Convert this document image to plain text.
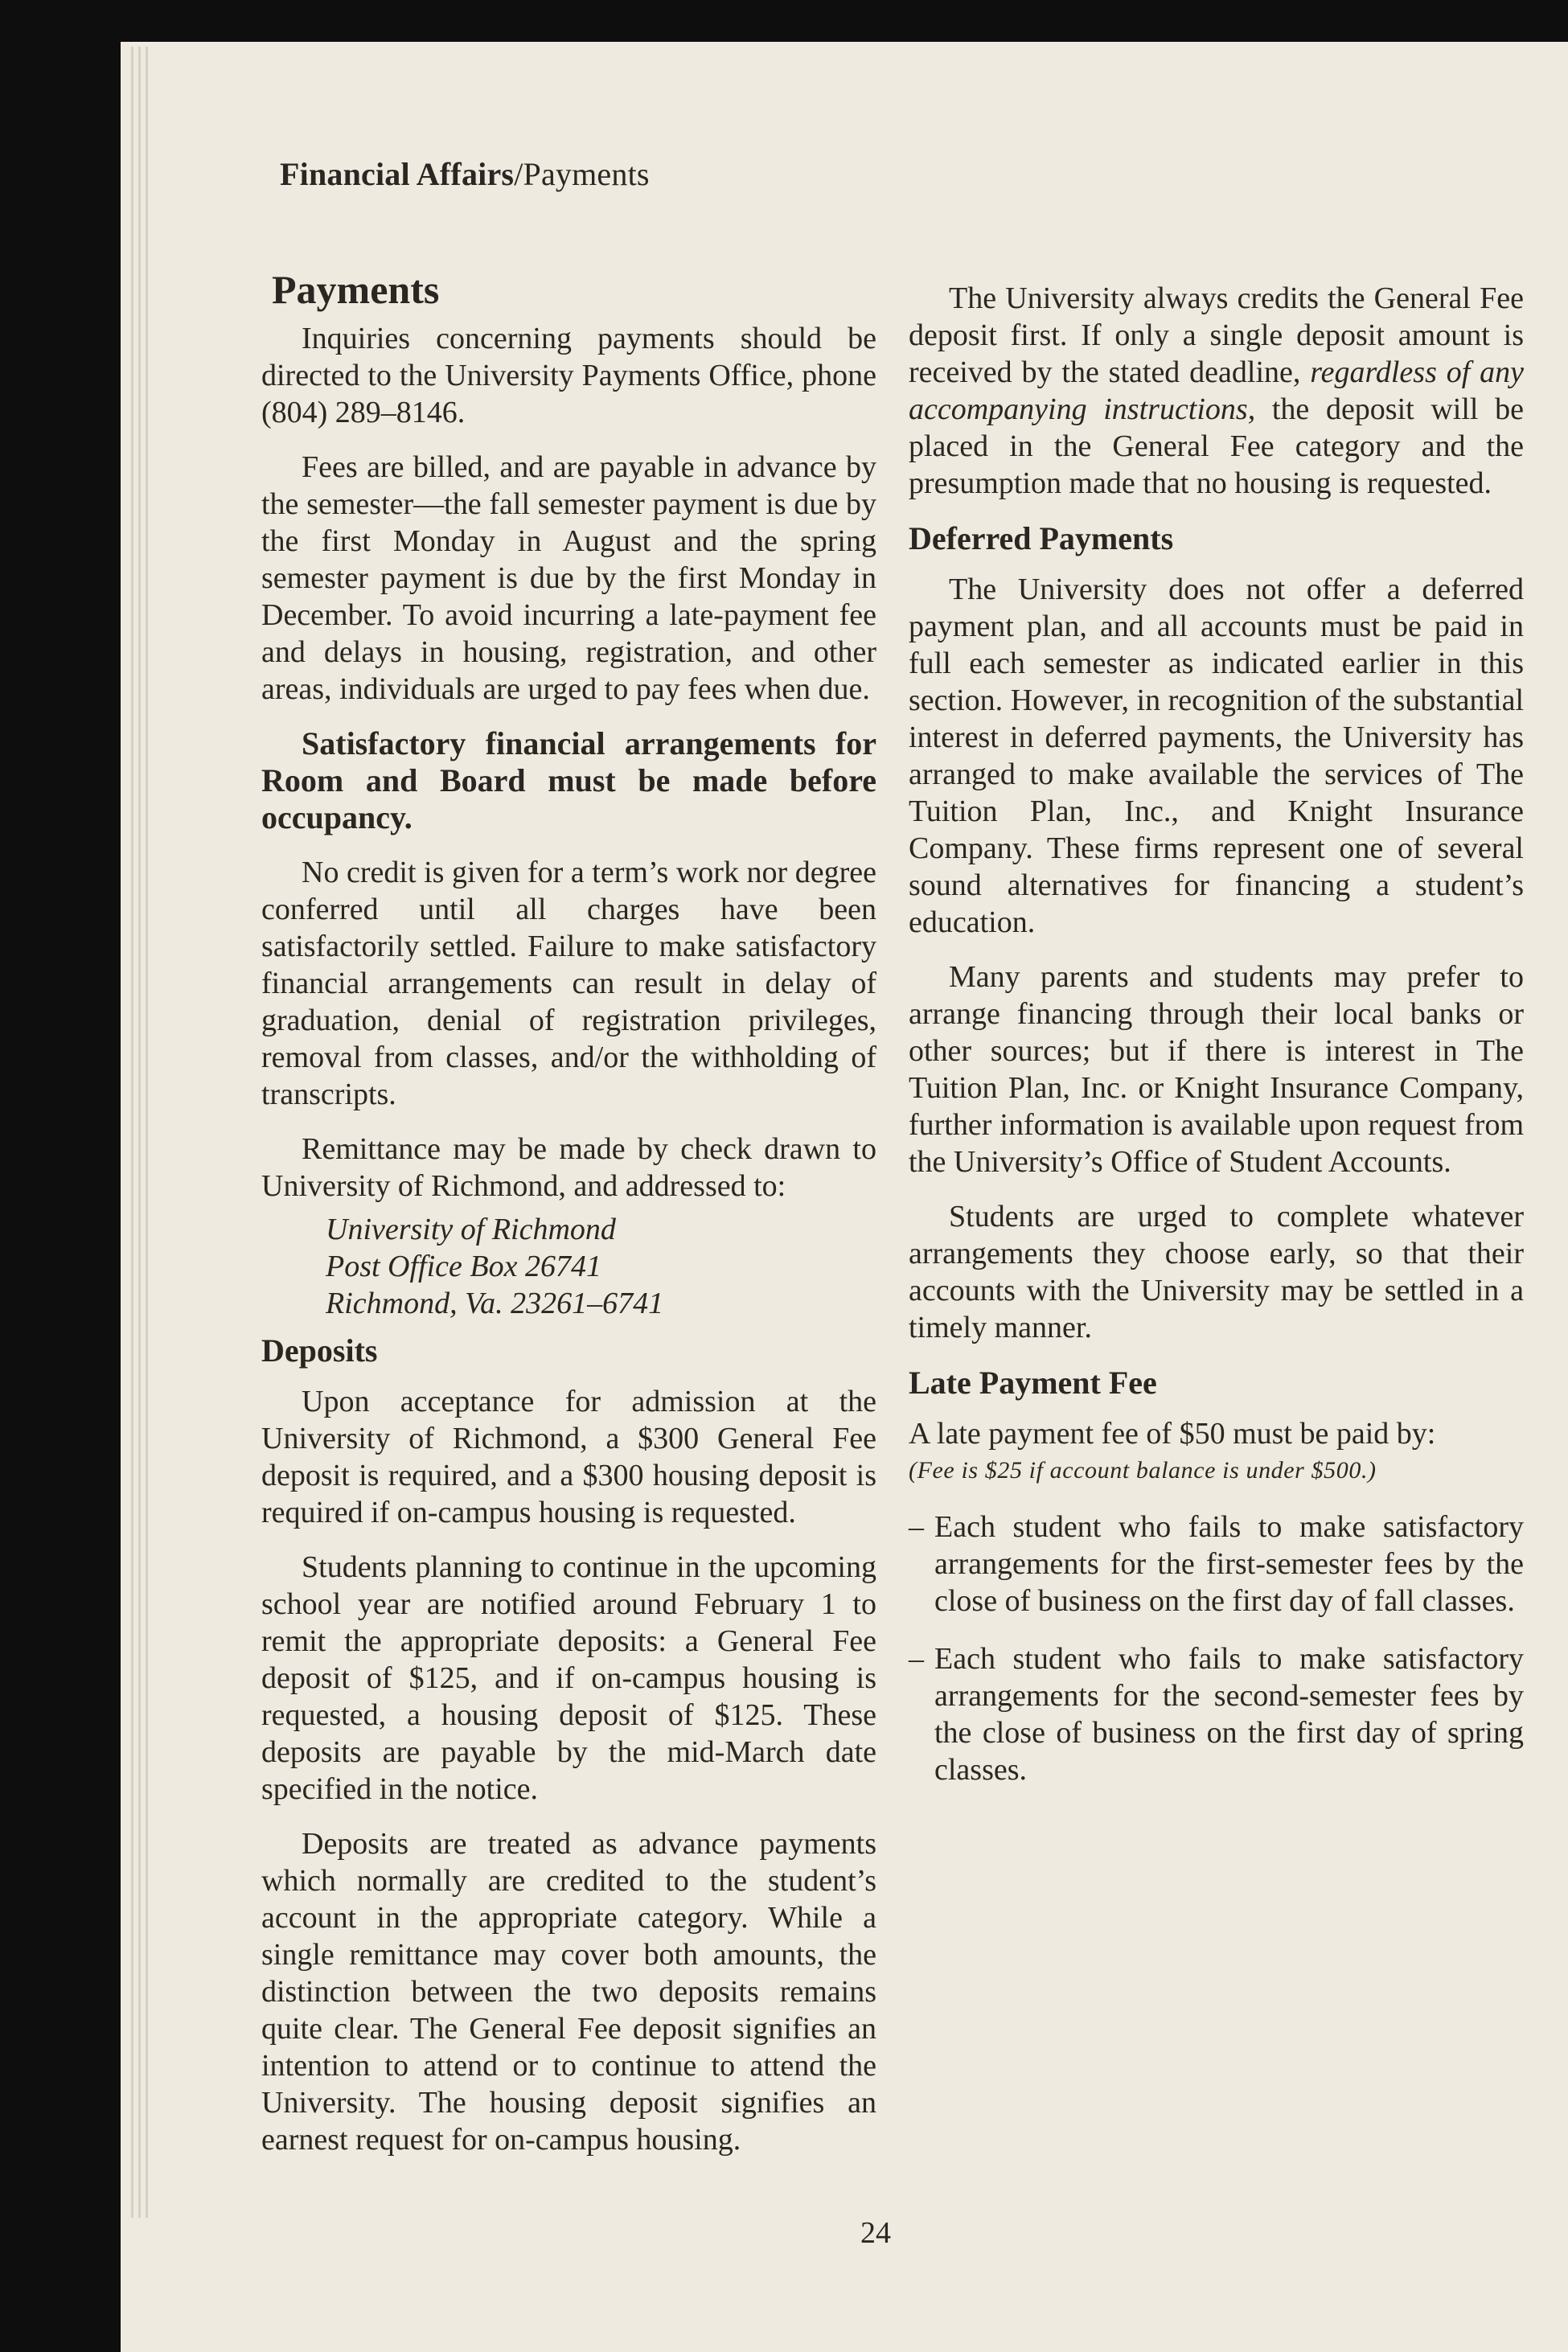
Financial Affairs/Payments
Payments

Inquiries concerning payments should be directed to the University Payments Office, phone (804) 289–8146.

Fees are billed, and are payable in advance by the semester—the fall semester payment is due by the first Monday in August and the spring semester payment is due by the first Monday in December. To avoid incurring a late-payment fee and delays in housing, registration, and other areas, individuals are urged to pay fees when due.

Satisfactory financial arrangements for Room and Board must be made before occupancy.

No credit is given for a term’s work nor degree conferred until all charges have been satisfactorily settled. Failure to make satisfactory financial arrangements can result in delay of graduation, denial of registration privileges, removal from classes, and/or the withholding of transcripts.

Remittance may be made by check drawn to University of Richmond, and addressed to:

University of Richmond
Post Office Box 26741
Richmond, Va. 23261–6741
Deposits

Upon acceptance for admission at the University of Richmond, a $300 General Fee deposit is required, and a $300 housing deposit is required if on-campus housing is requested.

Students planning to continue in the upcoming school year are notified around February 1 to remit the appropriate deposits: a General Fee deposit of $125, and if on-campus housing is requested, a housing deposit of $125. These deposits are payable by the mid-March date specified in the notice.

Deposits are treated as advance payments which normally are credited to the student’s account in the appropriate category. While a single remittance may cover both amounts, the distinction between the two deposits remains quite clear. The General Fee deposit signifies an intention to attend or to continue to attend the University. The housing deposit signifies an earnest request for on-campus housing.

The University always credits the General Fee deposit first. If only a single deposit amount is received by the stated deadline, regardless of any accompanying instructions, the deposit will be placed in the General Fee category and the presumption made that no housing is requested.

Deferred Payments

The University does not offer a deferred payment plan, and all accounts must be paid in full each semester as indicated earlier in this section. However, in recognition of the substantial interest in deferred payments, the University has arranged to make available the services of The Tuition Plan, Inc., and Knight Insurance Company. These firms represent one of several sound alternatives for financing a student’s education.

Many parents and students may prefer to arrange financing through their local banks or other sources; but if there is interest in The Tuition Plan, Inc. or Knight Insurance Company, further information is available upon request from the University’s Office of Student Accounts.

Students are urged to complete whatever arrangements they choose early, so that their accounts with the University may be settled in a timely manner.

Late Payment Fee

A late payment fee of $50 must be paid by:

(Fee is $25 if account balance is under $500.)
– Each student who fails to make satisfactory arrangements for the first-semester fees by the close of business on the first day of fall classes.
– Each student who fails to make satisfactory arrangements for the second-semester fees by the close of business on the first day of spring classes.
24
